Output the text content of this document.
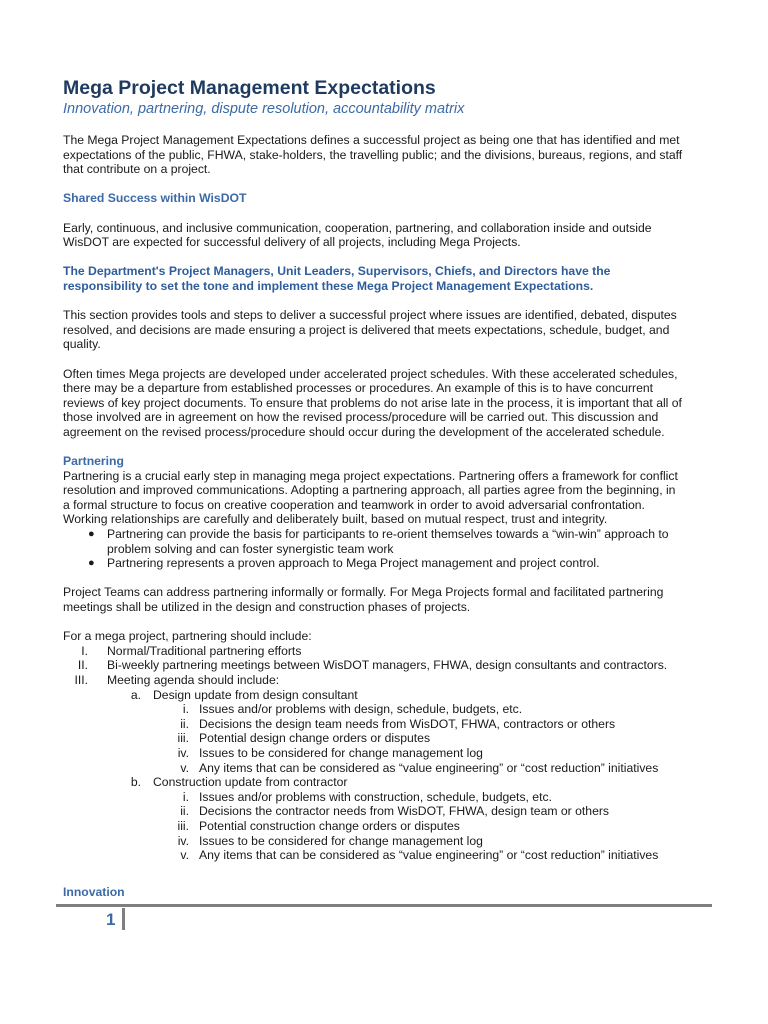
Mega Project Management Expectations
Innovation, partnering, dispute resolution, accountability matrix

The Mega Project Management Expectations defines a successful project as being one that has identified and met
expectations of the public, FHWA, stake-holders, the travelling public; and the divisions, bureaus, regions, and staff
that contribute on a project.

Shared Success within WisDOT

Early, continuous, and inclusive communication, cooperation, partnering, and collaboration inside and outside
WisDOT are expected for successful delivery of all projects, including Mega Projects.

The Department's Project Managers, Unit Leaders, Supervisors, Chiefs, and Directors have the
responsibility to set the tone and implement these Mega Project Management Expectations.

This section provides tools and steps to deliver a successful project where issues are identified, debated, disputes
resolved, and decisions are made ensuring a project is delivered that meets expectations, schedule, budget, and
quality.

Often times Mega projects are developed under accelerated project schedules. With these accelerated schedules,
there may be a departure from established processes or procedures. An example of this is to have concurrent
reviews of key project documents. To ensure that problems do not arise late in the process, it is important that all of
those involved are in agreement on how the revised process/procedure will be carried out. This discussion and
agreement on the revised process/procedure should occur during the development of the accelerated schedule.

Partnering
Partnering is a crucial early step in managing mega project expectations. Partnering offers a framework for conflict
resolution and improved communications. Adopting a partnering approach, all parties agree from the beginning, in
a formal structure to focus on creative cooperation and teamwork in order to avoid adversarial confrontation.
Working relationships are carefully and deliberately built, based on mutual respect, trust and integrity.
● Partnering can provide the basis for participants to re-orient themselves towards a “win-win” approach to
problem solving and can foster synergistic team work
● Partnering represents a proven approach to Mega Project management and project control.

Project Teams can address partnering informally or formally. For Mega Projects formal and facilitated partnering
meetings shall be utilized in the design and construction phases of projects.

For a mega project, partnering should include:
I.	Normal/Traditional partnering efforts
II.	Bi-weekly partnering meetings between WisDOT managers, FHWA, design consultants and contractors.
III.	Meeting agenda should include:
a. Design update from design consultant
i. Issues and/or problems with design, schedule, budgets, etc.
ii. Decisions the design team needs from WisDOT, FHWA, contractors or others
iii. Potential design change orders or disputes
iv. Issues to be considered for change management log
v. Any items that can be considered as “value engineering” or “cost reduction” initiatives
b. Construction update from contractor
i. Issues and/or problems with construction, schedule, budgets, etc.
ii. Decisions the contractor needs from WisDOT, FHWA, design team or others
iii. Potential construction change orders or disputes
iv. Issues to be considered for change management log
v. Any items that can be considered as “value engineering” or “cost reduction” initiatives
Innovation
1
